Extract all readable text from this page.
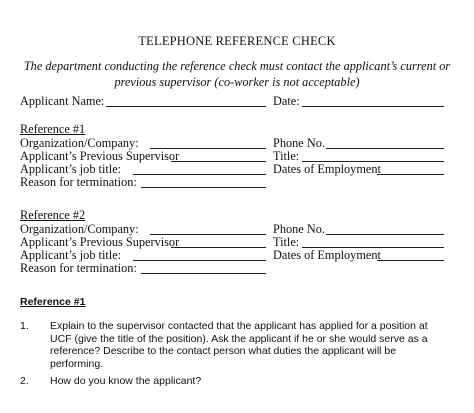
TELEPHONE REFERENCE CHECK
The department conducting the reference check must contact the applicant’s current or
previous supervisor (co-worker is not acceptable)
Applicant Name:	Date:
Reference #1
Organization/Company:	Phone No.
Applicant’s Previous Supervisor	Title:
Applicant’s job title:	Dates of Employment
Reason for termination:
Reference #2
Organization/Company:	Phone No.
Applicant’s Previous Supervisor	Title:
Applicant’s job title:	Dates of Employment
Reason for termination:
Reference #1
1. Explain to the supervisor contacted that the applicant has applied for a position at UCF (give the title of the position). Ask the applicant if he or she would serve as a reference? Describe to the contact person what duties the applicant will be performing.
2. How do you know the applicant?
